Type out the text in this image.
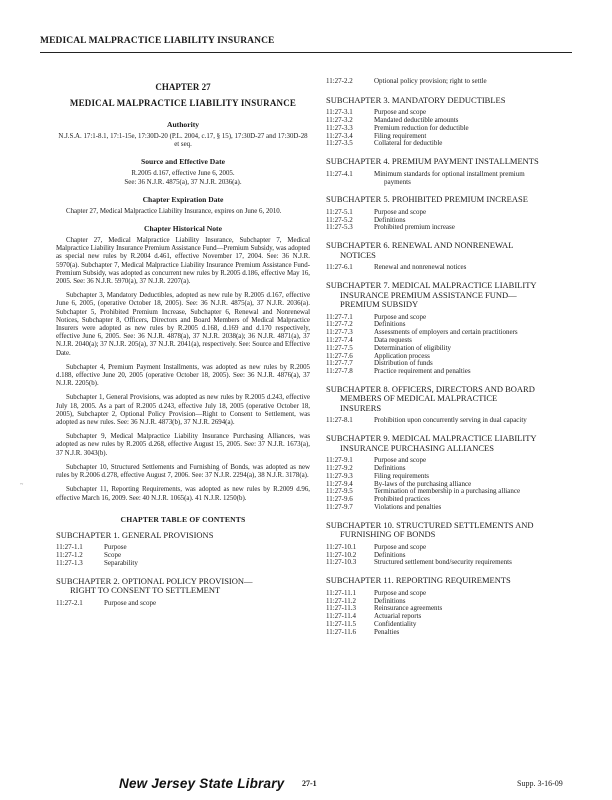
MEDICAL MALPRACTICE LIABILITY INSURANCE
CHAPTER 27
MEDICAL MALPRACTICE LIABILITY INSURANCE
Authority
N.J.S.A. 17:1-8.1, 17:1-15e, 17:30D-20 (P.L. 2004, c.17, § 15), 17:30D-27 and 17:30D-28 et seq.
Source and Effective Date
R.2005 d.167, effective June 6, 2005.
See: 36 N.J.R. 4875(a), 37 N.J.R. 2036(a).
Chapter Expiration Date
Chapter 27, Medical Malpractice Liability Insurance, expires on June 6, 2010.
Chapter Historical Note
Chapter 27, Medical Malpractice Liability Insurance, Subchapter 7, Medical Malpractice Liability Insurance Premium Assistance Fund—Premium Subsidy, was adopted as special new rules by R.2004 d.461, effective November 17, 2004. See: 36 N.J.R. 5970(a). Subchapter 7, Medical Malpractice Liability Insurance Premium Assistance Fund-Premium Subsidy, was adopted as concurrent new rules by R.2005 d.186, effective May 16, 2005. See: 36 N.J.R. 5970(a), 37 N.J.R. 2207(a).
Subchapter 3, Mandatory Deductibles, adopted as new rule by R.2005 d.167, effective June 6, 2005, (operative October 18, 2005). See: 36 N.J.R. 4875(a), 37 N.J.R. 2036(a). Subchapter 5, Prohibited Premium Increase, Subchapter 6, Renewal and Nonrenewal Notices, Subchapter 8, Officers, Directors and Board Members of Medical Malpractice Insurers were adopted as new rules by R.2005 d.168, d.169 and d.170 respectively, effective June 6, 2005. See: 36 N.J.R. 4878(a), 37 N.J.R. 2038(a); 36 N.J.R. 4871(a), 37 N.J.R. 2040(a); 37 N.J.R. 205(a), 37 N.J.R. 2041(a), respectively. See: Source and Effective Date.
Subchapter 4, Premium Payment Installments, was adopted as new rules by R.2005 d.188, effective June 20, 2005 (operative October 18, 2005). See: 36 N.J.R. 4876(a), 37 N.J.R. 2205(b).
Subchapter 1, General Provisions, was adopted as new rules by R.2005 d.243, effective July 18, 2005. As a part of R.2005 d.243, effective July 18, 2005 (operative October 18, 2005), Subchapter 2, Optional Policy Provision—Right to Consent to Settlement, was adopted as new rules. See: 36 N.J.R. 4873(b), 37 N.J.R. 2694(a).
Subchapter 9, Medical Malpractice Liability Insurance Purchasing Alliances, was adopted as new rules by R.2005 d.268, effective August 15, 2005. See: 37 N.J.R. 1673(a), 37 N.J.R. 3043(b).
Subchapter 10, Structured Settlements and Furnishing of Bonds, was adopted as new rules by R.2006 d.278, effective August 7, 2006. See: 37 N.J.R. 2294(a), 38 N.J.R. 3178(a).
Subchapter 11, Reporting Requirements, was adopted as new rules by R.2009 d.96, effective March 16, 2009. See: 40 N.J.R. 1065(a). 41 N.J.R. 1250(b).
CHAPTER TABLE OF CONTENTS
SUBCHAPTER 1. GENERAL PROVISIONS
11:27-1.1	Purpose
11:27-1.2	Scope
11:27-1.3	Separability
SUBCHAPTER 2. OPTIONAL POLICY PROVISION—
RIGHT TO CONSENT TO SETTLEMENT
11:27-2.1	Purpose and scope
11:27-2.2	Optional policy provision; right to settle
SUBCHAPTER 3. MANDATORY DEDUCTIBLES
11:27-3.1	Purpose and scope
11:27-3.2	Mandated deductible amounts
11:27-3.3	Premium reduction for deductible
11:27-3.4	Filing requirement
11:27-3.5	Collateral for deductible
SUBCHAPTER 4. PREMIUM PAYMENT INSTALLMENTS
11:27-4.1	Minimum standards for optional installment premium
payments
SUBCHAPTER 5. PROHIBITED PREMIUM INCREASE
11:27-5.1	Purpose and scope
11:27-5.2	Definitions
11:27-5.3	Prohibited premium increase
SUBCHAPTER 6. RENEWAL AND NONRENEWAL
NOTICES
11:27-6.1	Renewal and nonrenewal notices
SUBCHAPTER 7. MEDICAL MALPRACTICE LIABILITY
INSURANCE PREMIUM ASSISTANCE FUND—
PREMIUM SUBSIDY
11:27-7.1	Purpose and scope
11:27-7.2	Definitions
11:27-7.3	Assessments of employers and certain practitioners
11:27-7.4	Data requests
11:27-7.5	Determination of eligibility
11:27-7.6	Application process
11:27-7.7	Distribution of funds
11:27-7.8	Practice requirement and penalties
SUBCHAPTER 8. OFFICERS, DIRECTORS AND BOARD
MEMBERS OF MEDICAL MALPRACTICE
INSURERS
11:27-8.1	Prohibition upon concurrently serving in dual capacity
SUBCHAPTER 9. MEDICAL MALPRACTICE LIABILITY
INSURANCE PURCHASING ALLIANCES
11:27-9.1	Purpose and scope
11:27-9.2	Definitions
11:27-9.3	Filing requirements
11:27-9.4	By-laws of the purchasing alliance
11:27-9.5	Termination of membership in a purchasing alliance
11:27-9.6	Prohibited practices
11:27-9.7	Violations and penalties
SUBCHAPTER 10. STRUCTURED SETTLEMENTS AND
FURNISHING OF BONDS
11:27-10.1	Purpose and scope
11:27-10.2	Definitions
11:27-10.3	Structured settlement bond/security requirements
SUBCHAPTER 11. REPORTING REQUIREMENTS
11:27-11.1	Purpose and scope
11:27-11.2	Definitions
11:27-11.3	Reinsurance agreements
11:27-11.4	Actuarial reports
11:27-11.5	Confidentiality
11:27-11.6	Penalties
~
New Jersey State Library 27-1	Supp. 3-16-09
